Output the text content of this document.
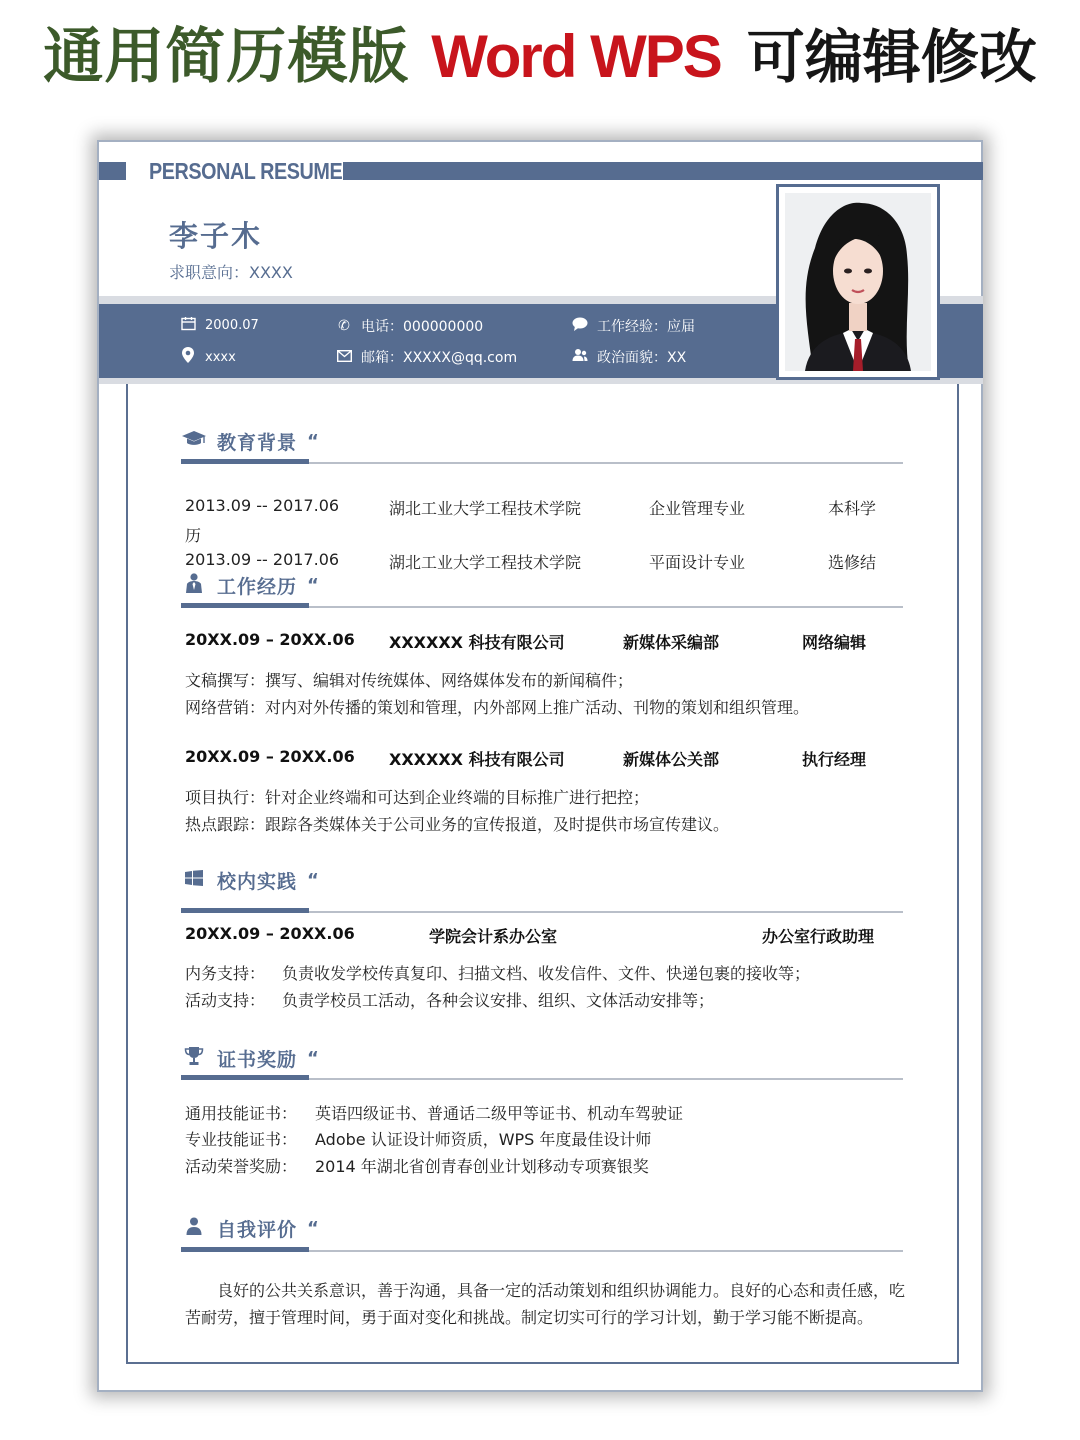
通用简历模版 Word WPS 可编辑修改
PERSONAL RESUME
李子木
求职意向：XXXX
2000.07
xxxx
✆ 电话：000000000
邮箱：XXXXX@qq.com
工作经验：应届
政治面貌：XX
教育背景 “
2013.09 -- 2017.06	湖北工业大学工程技术学院	企业管理专业	本科学
历
2013.09 -- 2017.06	湖北工业大学工程技术学院	平面设计专业	选修结
工作经历 “
20XX.09 – 20XX.06 XXXXXX 科技有限公司	新媒体采编部	网络编辑
文稿撰写：撰写、编辑对传统媒体、网络媒体发布的新闻稿件；
网络营销：对内对外传播的策划和管理，内外部网上推广活动、刊物的策划和组织管理。
20XX.09 – 20XX.06 XXXXXX 科技有限公司	新媒体公关部	执行经理
项目执行：针对企业终端和可达到企业终端的目标推广进行把控；
热点跟踪：跟踪各类媒体关于公司业务的宣传报道，及时提供市场宣传建议。
校内实践 “
20XX.09 – 20XX.06	学院会计系办公室	办公室行政助理
内务支持： 负责收发学校传真复印、扫描文档、收发信件、文件、快递包裹的接收等；
活动支持： 负责学校员工活动，各种会议安排、组织、文体活动安排等；
证书奖励 “
通用技能证书： 英语四级证书、普通话二级甲等证书、机动车驾驶证
专业技能证书： Adobe 认证设计师资质，WPS 年度最佳设计师
活动荣誉奖励： 2014 年湖北省创青春创业计划移动专项赛银奖
自我评价 “
良好的公共关系意识，善于沟通，具备一定的活动策划和组织协调能力。良好的心态和责任感，吃苦耐劳，擅于管理时间，勇于面对变化和挑战。制定切实可行的学习计划，勤于学习能不断提高。
